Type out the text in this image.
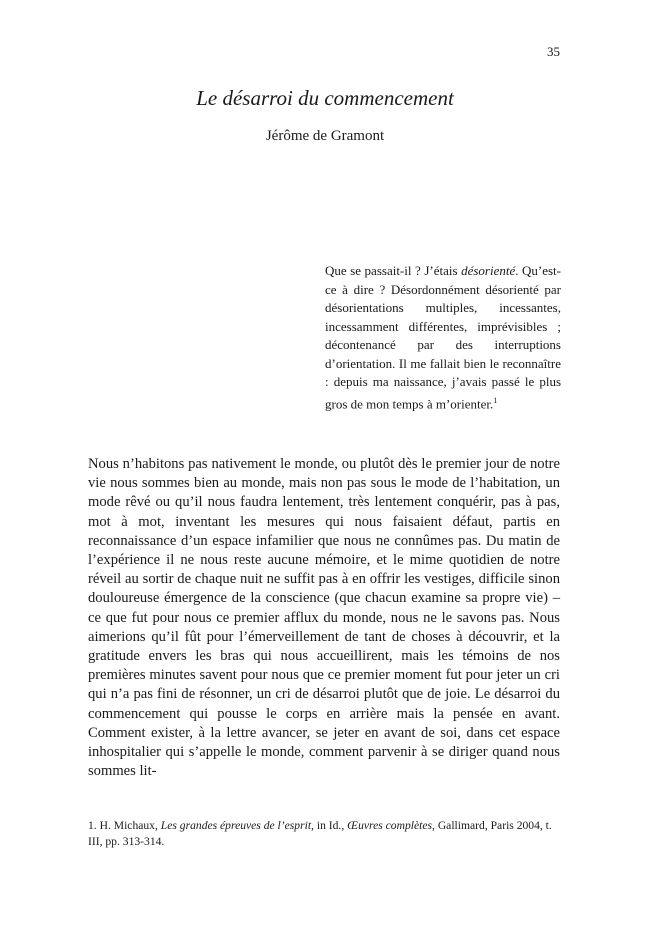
35
Le désarroi du commencement
Jérôme de Gramont
Que se passait-il ? J’étais désorienté. Qu’est-ce à dire ? Désordonnément désorienté par désorientations multiples, incessantes, incessamment différentes, imprévisibles ; décontenancé par des interruptions d’orientation. Il me fallait bien le reconnaître : depuis ma naissance, j’avais passé le plus gros de mon temps à m’orienter.$^1$
Nous n’habitons pas nativement le monde, ou plutôt dès le premier jour de notre vie nous sommes bien au monde, mais non pas sous le mode de l’habitation, un mode rêvé ou qu’il nous faudra lentement, très lentement conquérir, pas à pas, mot à mot, inventant les mesures qui nous faisaient défaut, partis en reconnaissance d’un espace infamilier que nous ne connûmes pas. Du matin de l’expérience il ne nous reste aucune mémoire, et le mime quotidien de notre réveil au sortir de chaque nuit ne suffit pas à en offrir les vestiges, difficile sinon douloureuse émergence de la conscience (que chacun examine sa propre vie) – ce que fut pour nous ce premier afflux du monde, nous ne le savons pas. Nous aimerions qu’il fût pour l’émerveillement de tant de choses à découvrir, et la gratitude envers les bras qui nous accueillirent, mais les témoins de nos premières minutes savent pour nous que ce premier moment fut pour jeter un cri qui n’a pas fini de résonner, un cri de désarroi plutôt que de joie. Le désarroi du commencement qui pousse le corps en arrière mais la pensée en avant. Comment exister, à la lettre avancer, se jeter en avant de soi, dans cet espace inhospitalier qui s’appelle le monde, comment parvenir à se diriger quand nous sommes lit-
1. H. Michaux, Les grandes épreuves de l’esprit, in Id., Œuvres complètes, Gallimard, Paris 2004, t. III, pp. 313-314.
